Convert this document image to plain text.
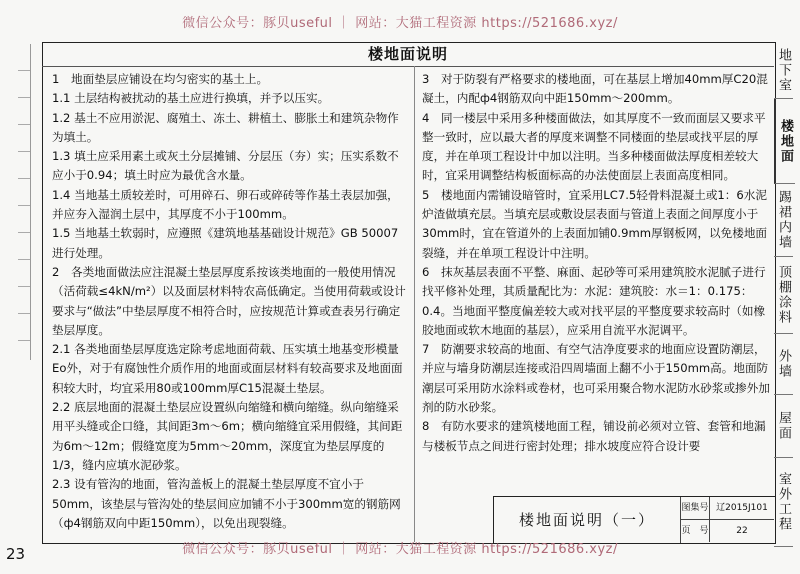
微信公众号：豚贝useful ｜ 网站：大猫工程资源 https://521686.xyz/
楼地面说明

1　地面垫层应铺设在均匀密实的基土上。

1.1 土层结构被扰动的基土应进行换填，并予以压实。

1.2 基土不应用淤泥、腐殖土、冻土、耕植土、膨胀土和建筑杂物作为填土。

1.3 填土应采用素土或灰土分层摊铺、分层压（夯）实；压实系数不应小于0.94；填土时应为最优含水量。

1.4 当地基土质较差时，可用碎石、卵石或碎砖等作基土表层加强，并应夯入湿润土层中，其厚度不小于100mm。

1.5 当地基土软弱时，应遵照《建筑地基基础设计规范》GB 50007进行处理。

2　各类地面做法应注混凝土垫层厚度系按该类地面的一般使用情况（活荷载≤4kN/m²）以及面层材料特农高低确定。当使用荷载或设计要求与“做法”中垫层厚度不相符合时，应按规范计算或查表另行确定垫层厚度。

2.1 各类地面垫层厚度选定除考虑地面荷载、压实填土地基变形模量Eo外，对于有腐蚀性介质作用的地面或面层材料有较高要求及地面面积较大时，均宜采用80或100mm厚C15混凝土垫层。

2.2 底层地面的混凝土垫层应设置纵向缩缝和横向缩缝。纵向缩缝采用平头缝或企口缝，其间距3m～6m；横向缩缝宜采用假缝，其间距为6m～12m；假缝宽度为5mm～20mm，深度宜为垫层厚度的1/3，缝内应填水泥砂浆。

2.3 设有管沟的地面，管沟盖板上的混凝土垫层厚度不宜小于50mm，该垫层与管沟处的垫层间应加铺不小于300mm宽的钢筋网（ф4钢筋双向中距150mm），以免出现裂缝。

3　对于防裂有严格要求的楼地面，可在基层上增加40mm厚C20混凝土，内配ф4钢筋双向中距150mm～200mm。

4　同一楼层中采用多种楼面做法，如其厚度不一致而面层又要求平整一致时，应以最大者的厚度来调整不同楼面的垫层或找平层的厚度，并在单项工程设计中加以注明。当多种楼面做法厚度相差较大时，宜采用调整结构板面标高的办法使面层上表面高度相同。

5　楼地面内需铺设暗管时，宜采用LC7.5轻骨料混凝土或1：6水泥炉渣做填充层。当填充层或敷设层表面与管道上表面之间厚度小于30mm时，宜在管道外的上表面加铺0.9mm厚钢板网，以免楼地面裂缝，并在单项工程设计中注明。

6　抹灰基层表面不平整、麻面、起砂等可采用建筑胶水泥腻子进行找平修补处理，其质量配比为：水泥：建筑胶：水＝1：0.175：0.4。当地面平整度偏差较大或对找平层的平整度要求较高时（如橡胶地面或软木地面的基层），应采用自流平水泥调平。

7　防潮要求较高的地面、有空气洁净度要求的地面应设置防潮层，并应与墙身防潮层连接或沿四周墙面上翻不小于150mm高。地面防潮层可采用防水涂料或卷材，也可采用聚合物水泥防水砂浆或掺外加剂的防水砂浆。

8　有防水要求的建筑楼地面工程，铺设前必须对立管、套管和地漏与楼板节点之间进行密封处理；排水坡度应符合设计要

地下室
楼地面
踢裙内墙
顶棚涂料
外墙
屋面
室外工程
楼地面说明（一）
图集号 辽2015J101
页　号	22
微信公众号：豚贝useful ｜ 网站：大猫工程资源 https://521686.xyz/
23
